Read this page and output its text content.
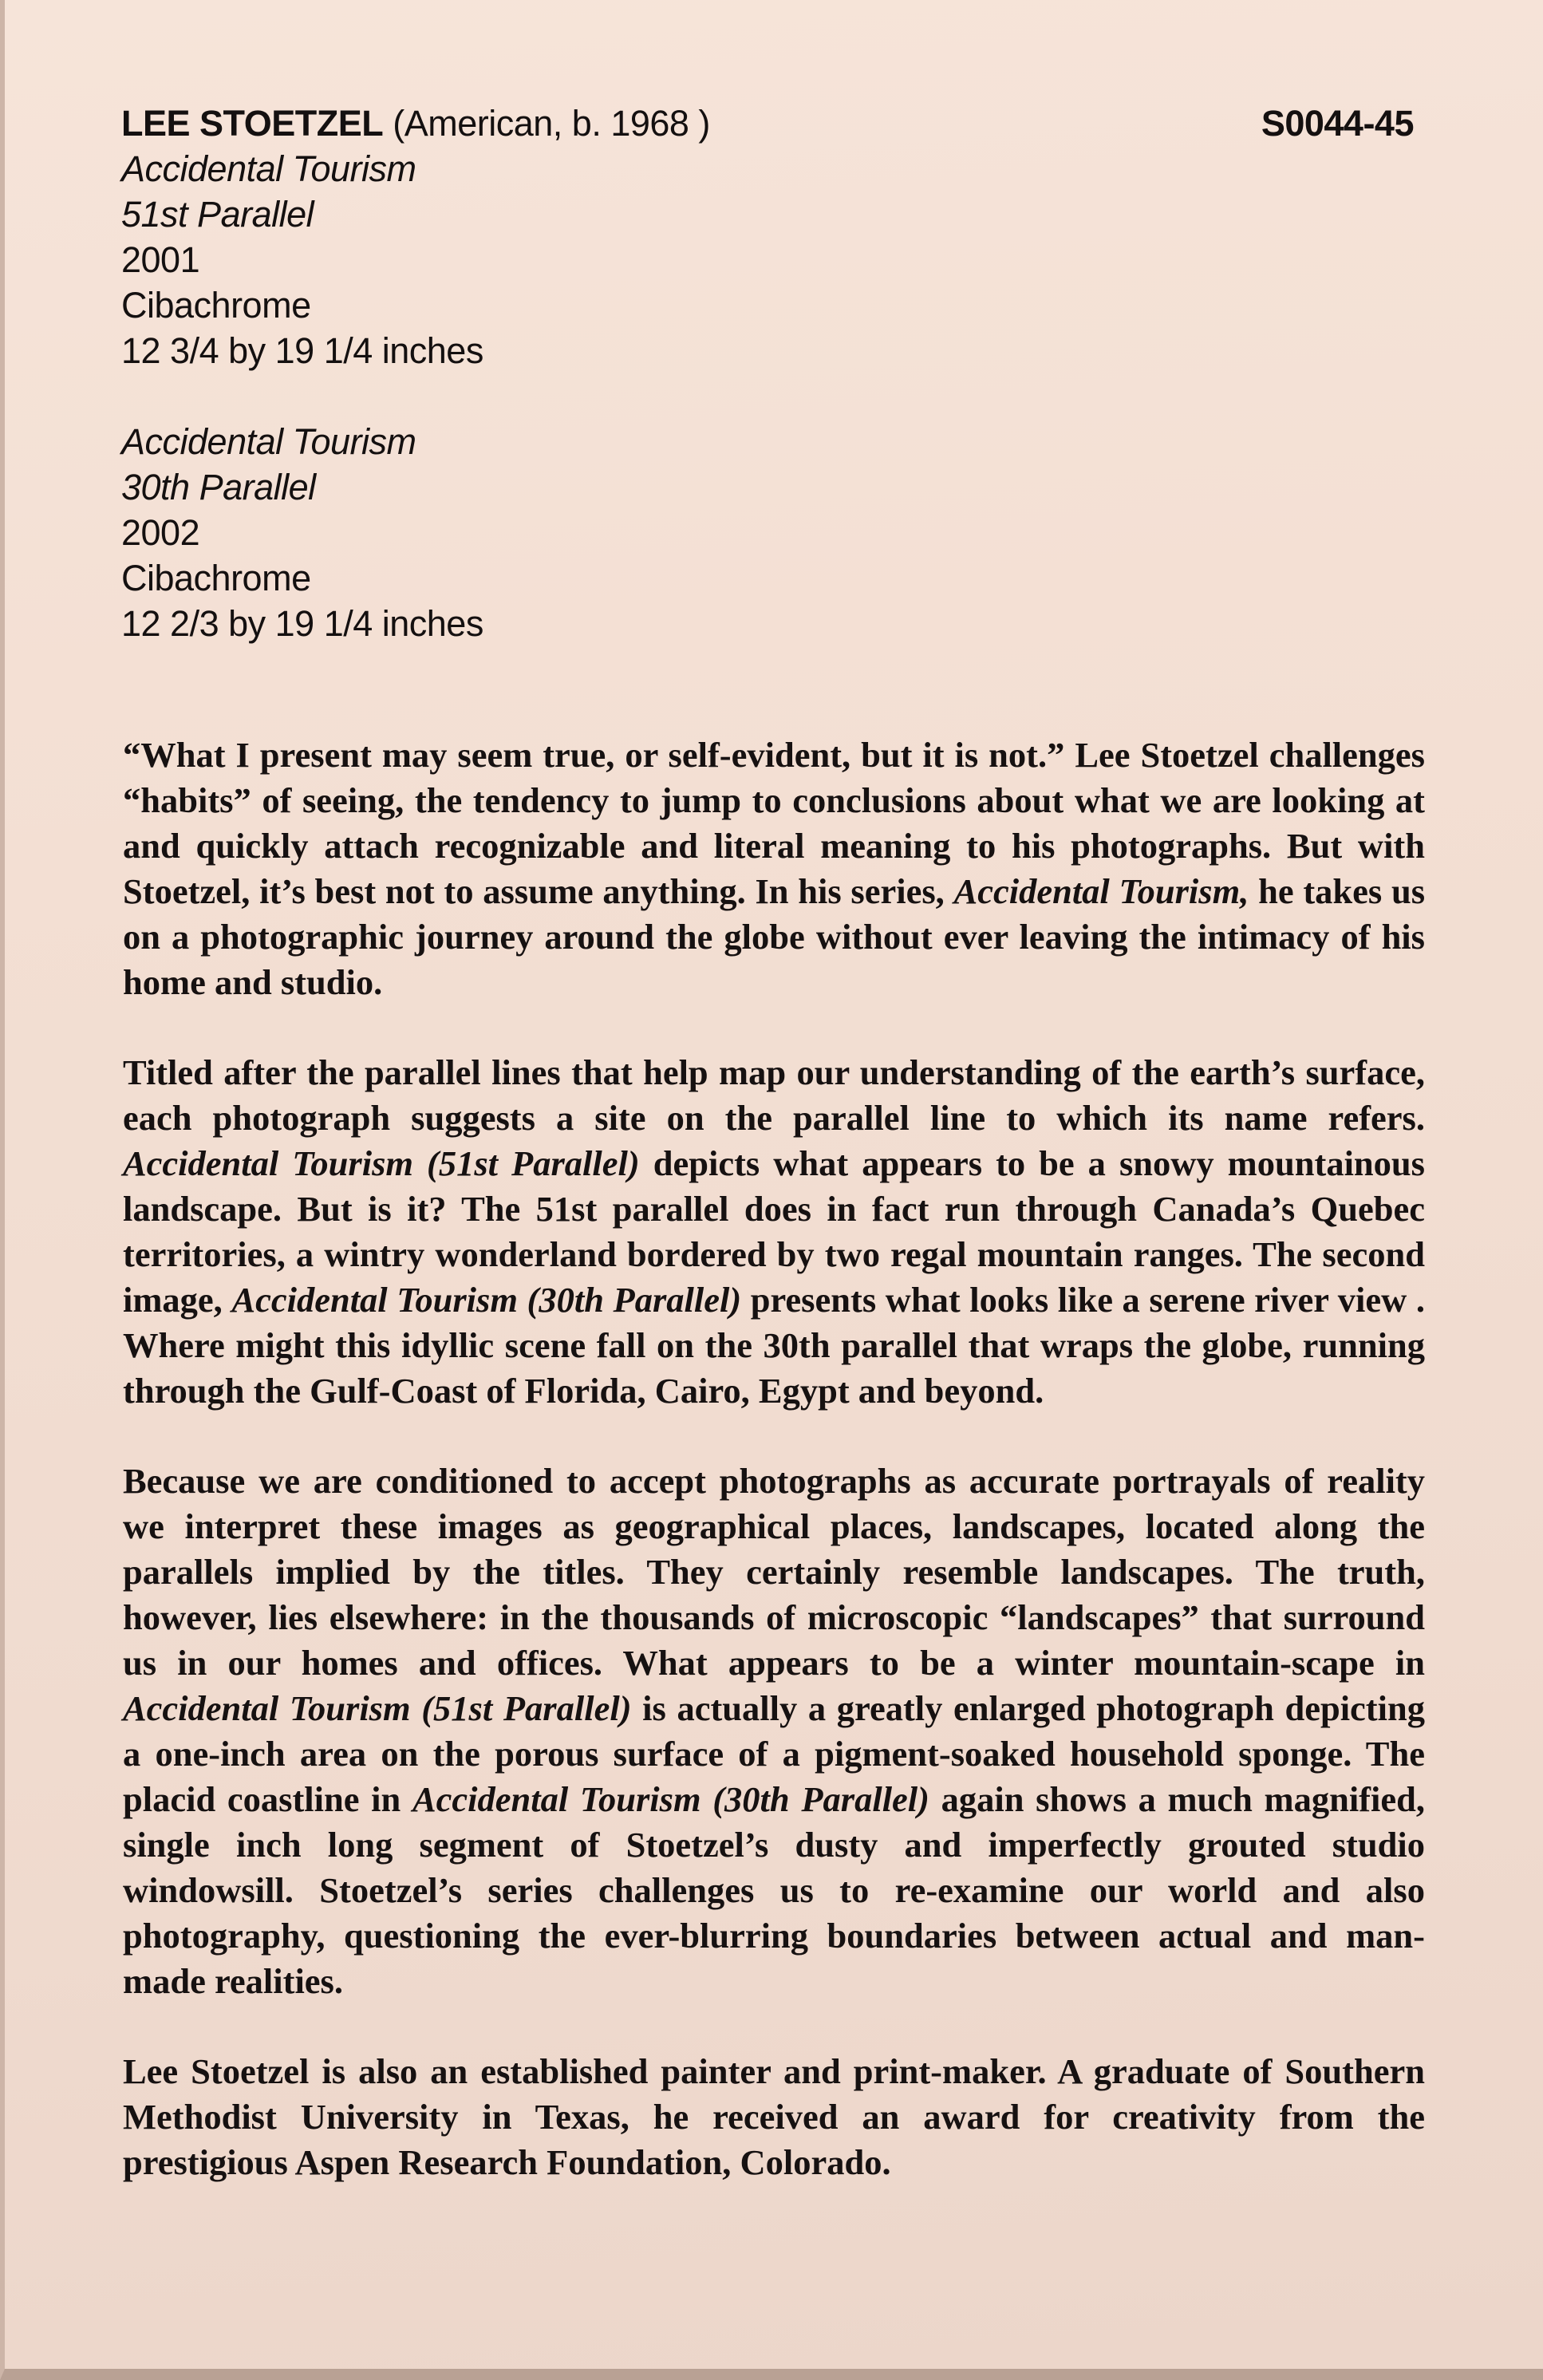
LEE STOETZEL (American, b. 1968 )	S0044-45
Accidental Tourism
51st Parallel
2001
Cibachrome
12 3/4 by 19 1/4 inches
Accidental Tourism
30th Parallel
2002
Cibachrome
12 2/3 by 19 1/4 inches

“What I present may seem true, or self-evident, but it is not.” Lee Stoetzel challenges “habits” of seeing, the tendency to jump to conclusions about what we are looking at and quickly attach recognizable and literal meaning to his photographs. But with Stoetzel, it’s best not to assume anything. In his series, Accidental Tourism, he takes us on a photographic journey around the globe without ever leaving the intimacy of his home and studio.

Titled after the parallel lines that help map our understanding of the earth’s surface, each photograph suggests a site on the parallel line to which its name refers. Accidental Tourism (51st Parallel) depicts what appears to be a snowy mountainous landscape. But is it? The 51st parallel does in fact run through Canada’s Quebec territories, a wintry wonderland bordered by two regal mountain ranges. The second image, Accidental Tourism (30th Parallel) presents what looks like a serene river view . Where might this idyllic scene fall on the 30th parallel that wraps the globe, running through the Gulf-Coast of Florida, Cairo, Egypt and beyond.

Because we are conditioned to accept photographs as accurate portrayals of reality we interpret these images as geographical places, landscapes, located along the parallels implied by the titles. They certainly resemble landscapes. The truth, however, lies elsewhere: in the thousands of microscopic “landscapes” that surround us in our homes and offices. What appears to be a winter mountain-scape in Accidental Tourism (51st Parallel) is actually a greatly enlarged photograph depicting a one-inch area on the porous surface of a pigment-soaked household sponge. The placid coastline in Accidental Tourism (30th Parallel) again shows a much magnified, single inch long segment of Stoetzel’s dusty and imperfectly grouted studio windowsill. Stoetzel’s series challenges us to re-examine our world and also photography, questioning the ever-blurring boundaries between actual and man-made realities.

Lee Stoetzel is also an established painter and print-maker. A graduate of Southern Methodist University in Texas, he received an award for creativity from the prestigious Aspen Research Foundation, Colorado.
